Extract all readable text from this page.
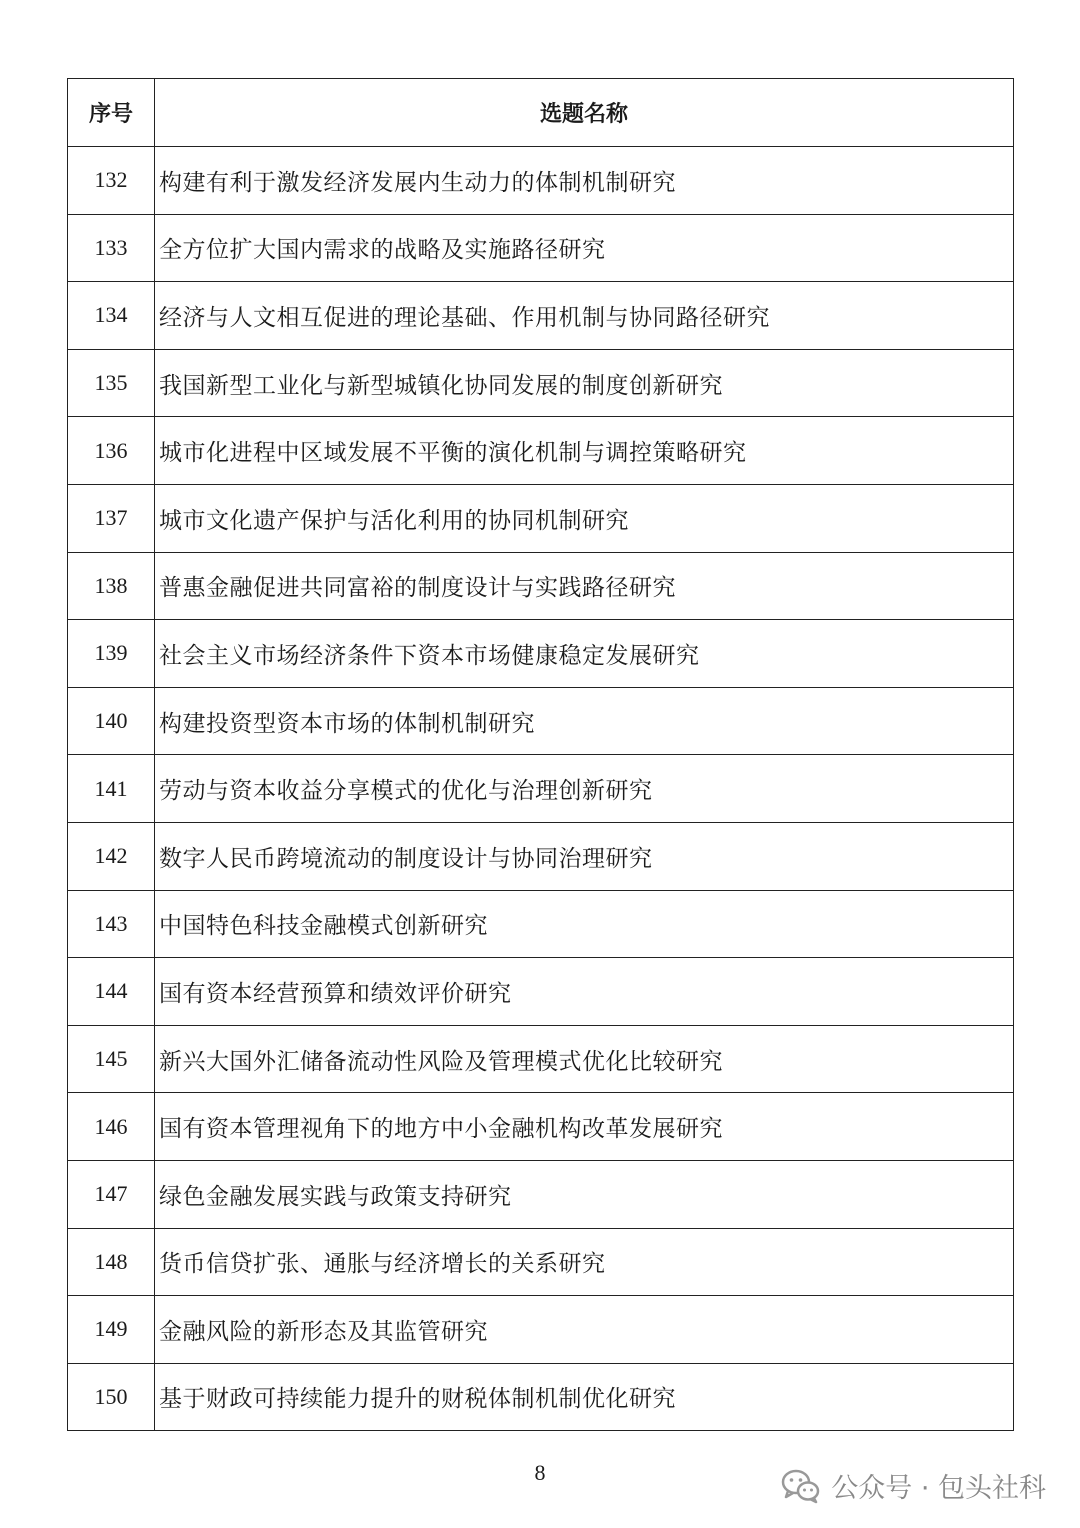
序号	选题名称
132	构建有利于激发经济发展内生动力的体制机制研究
133	全方位扩大国内需求的战略及实施路径研究
134	经济与人文相互促进的理论基础、作用机制与协同路径研究
135	我国新型工业化与新型城镇化协同发展的制度创新研究
136	城市化进程中区域发展不平衡的演化机制与调控策略研究
137	城市文化遗产保护与活化利用的协同机制研究
138	普惠金融促进共同富裕的制度设计与实践路径研究
139	社会主义市场经济条件下资本市场健康稳定发展研究
140	构建投资型资本市场的体制机制研究
141	劳动与资本收益分享模式的优化与治理创新研究
142	数字人民币跨境流动的制度设计与协同治理研究
143	中国特色科技金融模式创新研究
144	国有资本经营预算和绩效评价研究
145	新兴大国外汇储备流动性风险及管理模式优化比较研究
146	国有资本管理视角下的地方中小金融机构改革发展研究
147	绿色金融发展实践与政策支持研究
148	货币信贷扩张、通胀与经济增长的关系研究
149	金融风险的新形态及其监管研究
150	基于财政可持续能力提升的财税体制机制优化研究
8
公众号 · 包头社科
